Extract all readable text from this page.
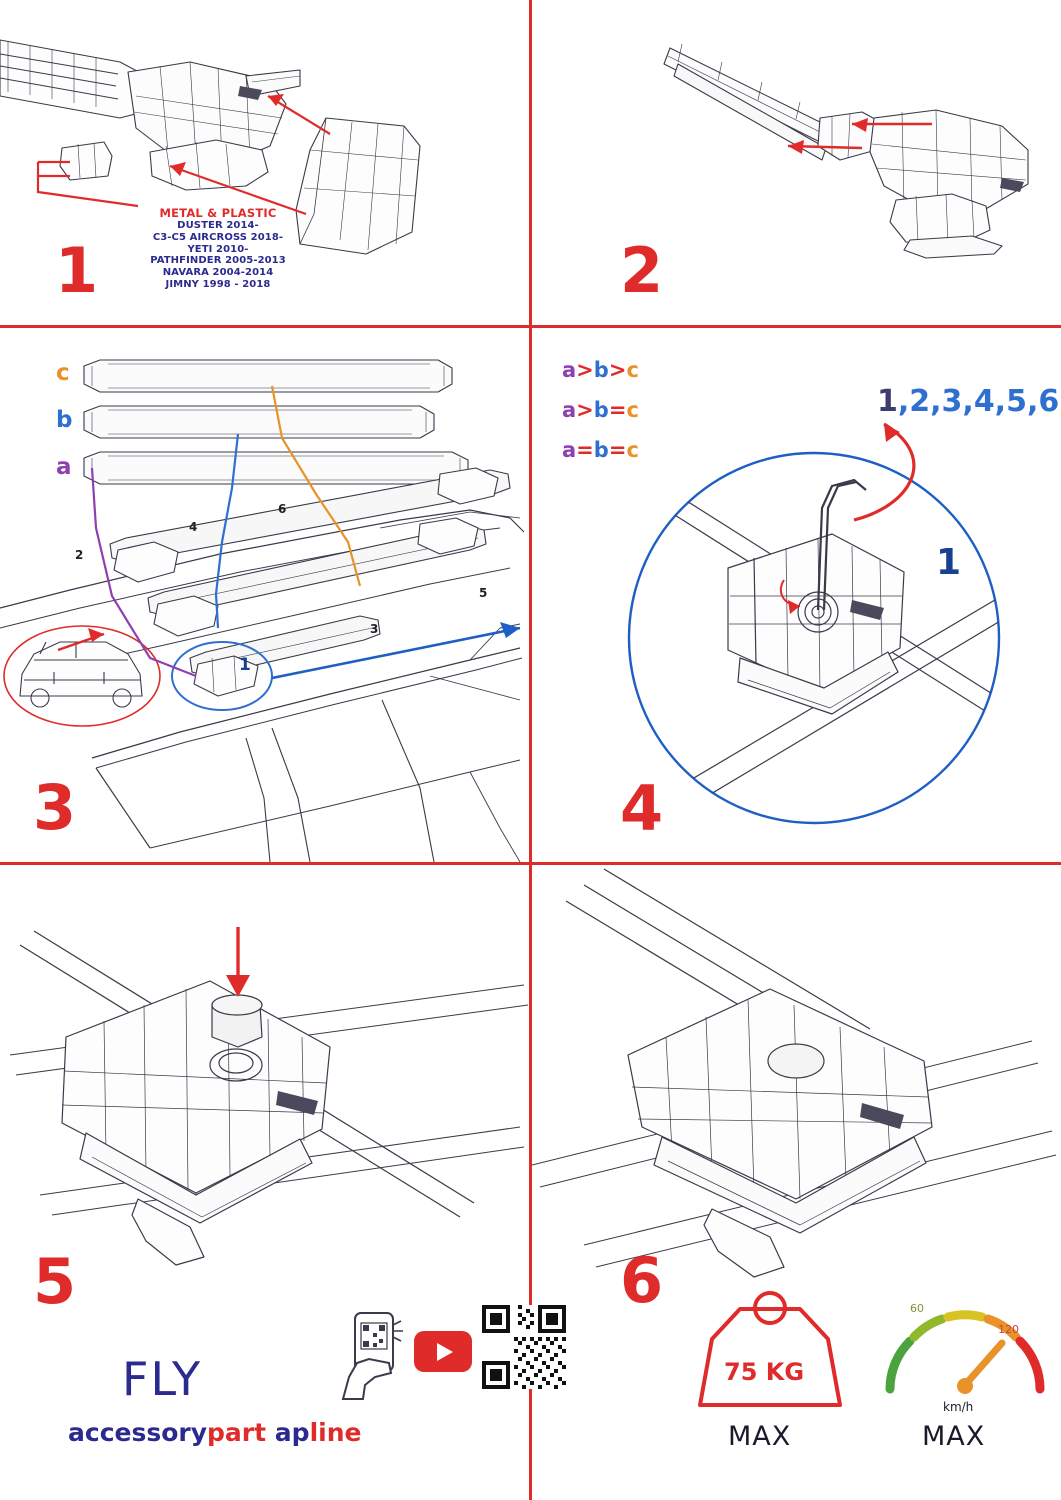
METAL & PLASTIC
DUSTER 2014-
C3-C5 AIRCROSS 2018-
YETI 2010-
PATHFINDER 2005-2013
NAVARA 2004-2014
JIMNY 1998 - 2018
1	2
c
b
a
2
4
6
3
5
1
3
a>b>c
a>b=c
a=b=c
1,2,3,4,5,6
1
4
5
FLY
accessorypart apline
6
75 KG
MAX
60
120
km/h
MAX
